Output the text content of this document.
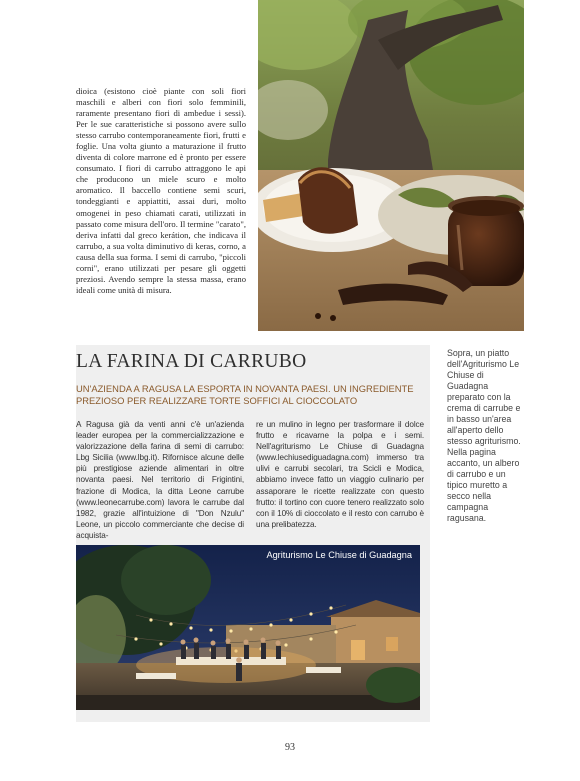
dioica (esistono cioè piante con soli fiori maschili e alberi con fiori solo femminili, raramente presentano fiori di ambedue i sessi). Per le sue caratteristiche si possono avere sullo stesso carrubo contemporaneamente fiori, frutti e foglie. Una volta giunto a maturazione il frutto diventa di colore marrone ed è pronto per essere consumato. I fiori di carrubo attraggono le api che producono un miele scuro e molto aromatico. Il baccello contiene semi scuri, tondeggianti e appiattiti, assai duri, molto omogenei in peso chiamati carati, utilizzati in passato come misura dell'oro. Il termine "carato", deriva infatti dal greco kerátion, che indicava il carrubo, a sua volta diminutivo di keras, corno, a causa della sua forma. I semi di carrubo, "piccoli corni", erano utilizzati per pesare gli oggetti preziosi. Avendo sempre la stessa massa, erano ideali come unità di misura.
LA FARINA DI CARRUBO
UN'AZIENDA A RAGUSA LA ESPORTA IN NOVANTA PAESI. UN INGREDIENTE PREZIOSO PER REALIZZARE TORTE SOFFICI AL CIOCCOLATO
A Ragusa già da venti anni c'è un'azienda leader europea per la commercializzazione e valorizzazione della farina di semi di carrubo: Lbg Sicilia (www.lbg.it). Rifornisce alcune delle più prestigiose aziende alimentari in oltre novanta paesi. Nel territorio di Frigintini, frazione di Modica, la ditta Leone carrube (www.leonecarrube.com) lavora le carrube dal 1982, grazie all'intuizione di "Don Nzulu" Leone, un piccolo commerciante che decise di acquista-
re un mulino in legno per trasformare il dolce frutto e ricavarne la polpa e i semi. Nell'agriturismo Le Chiuse di Guadagna (www.lechiusediguadagna.com) immerso tra ulivi e carrubi secolari, tra Scicli e Modica, abbiamo invece fatto un viaggio culinario per assaporare le ricette realizzate con questo frutto: il tortino con cuore tenero realizzato solo con il 10% di cioccolato e il resto con carrubo è una prelibatezza.
Agriturismo Le Chiuse di Guadagna
Sopra, un piatto dell'Agriturismo Le Chiuse di Guadagna preparato con la crema di carrube e in basso un'area all'aperto dello stesso agriturismo. Nella pagina accanto, un albero di carrubo e un tipico muretto a secco nella campagna ragusana.
93
